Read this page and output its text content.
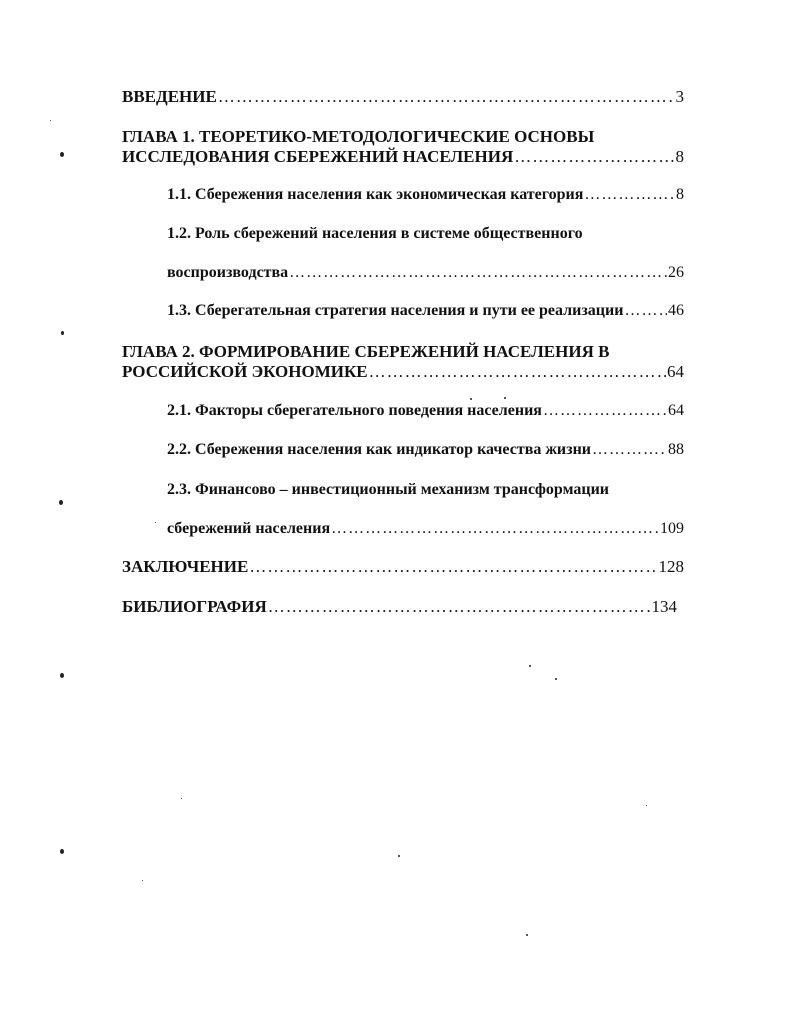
ВВЕДЕНИЕ …………………………………………………………………………………………………………………………………………………………………………	3
ГЛАВА 1. ТЕОРЕТИКО-МЕТОДОЛОГИЧЕСКИЕ ОСНОВЫ
ИССЛЕДОВАНИЯ СБЕРЕЖЕНИЙ НАСЕЛЕНИЯ …………………………………………………………………………………………………………………………………………………………………………	8
1.1. Сбережения населения как экономическая категория …………………………………………………………………………………………………………………………………………………………………………	8
1.2. Роль сбережений населения в системе общественного
воспроизводства …………………………………………………………………………………………………………………………………………………………………………	26
1.3. Сберегательная стратегия населения и пути ее реализации …………………………………………………………………………………………………………………………………………………………………………	46
ГЛАВА 2. ФОРМИРОВАНИЕ СБЕРЕЖЕНИЙ НАСЕЛЕНИЯ В
РОССИЙСКОЙ ЭКОНОМИКЕ …………………………………………………………………………………………………………………………………………………………………………	64
2.1. Факторы сберегательного поведения населения …………………………………………………………………………………………………………………………………………………………………………	64
2.2. Сбережения населения как индикатор качества жизни …………………………………………………………………………………………………………………………………………………………………………	88
2.3. Финансово – инвестиционный механизм трансформации
сбережений населения …………………………………………………………………………………………………………………………………………………………………………	109
ЗАКЛЮЧЕНИЕ …………………………………………………………………………………………………………………………………………………………………………	128
БИБЛИОГРАФИЯ …………………………………………………………………………………………………………………………………………………………………………	134
